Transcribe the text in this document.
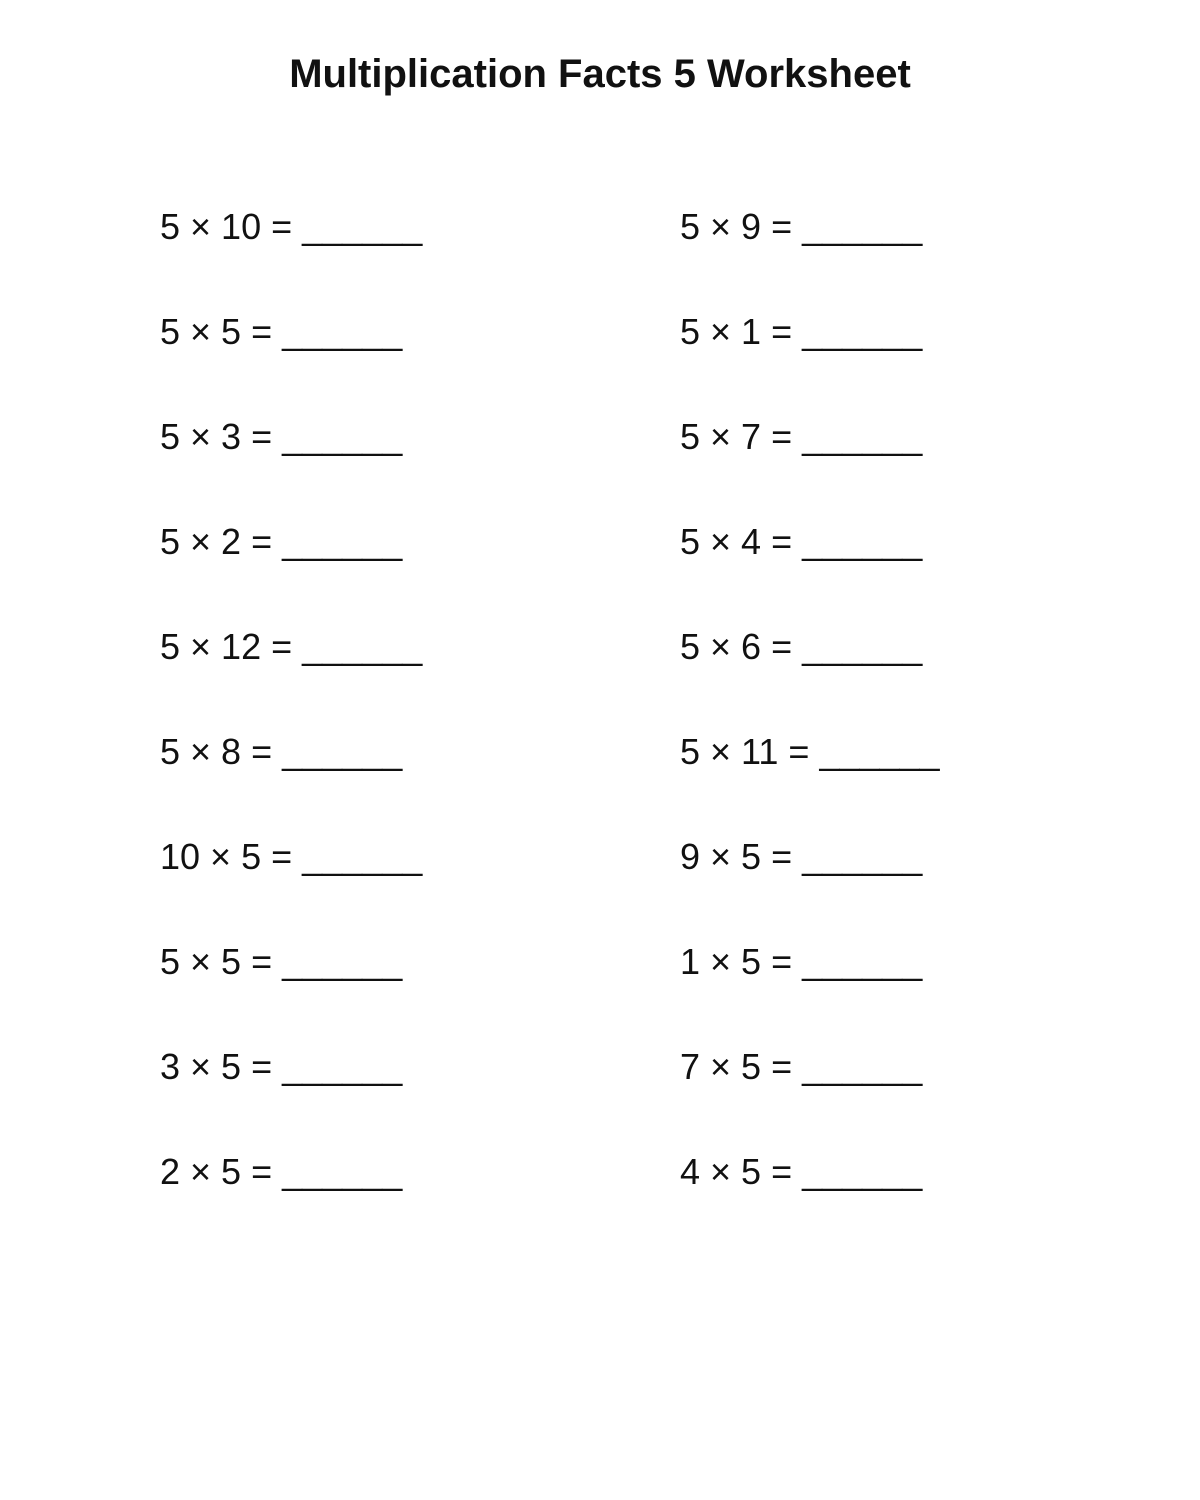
Multiplication Facts 5 Worksheet
5 × 10 = ______	5 × 9 = ______
5 × 5 = ______	5 × 1 = ______
5 × 3 = ______	5 × 7 = ______
5 × 2 = ______	5 × 4 = ______
5 × 12 = ______	5 × 6 = ______
5 × 8 = ______	5 × 11 = ______
10 × 5 = ______	9 × 5 = ______
5 × 5 = ______	1 × 5 = ______
3 × 5 = ______	7 × 5 = ______
2 × 5 = ______	4 × 5 = ______
